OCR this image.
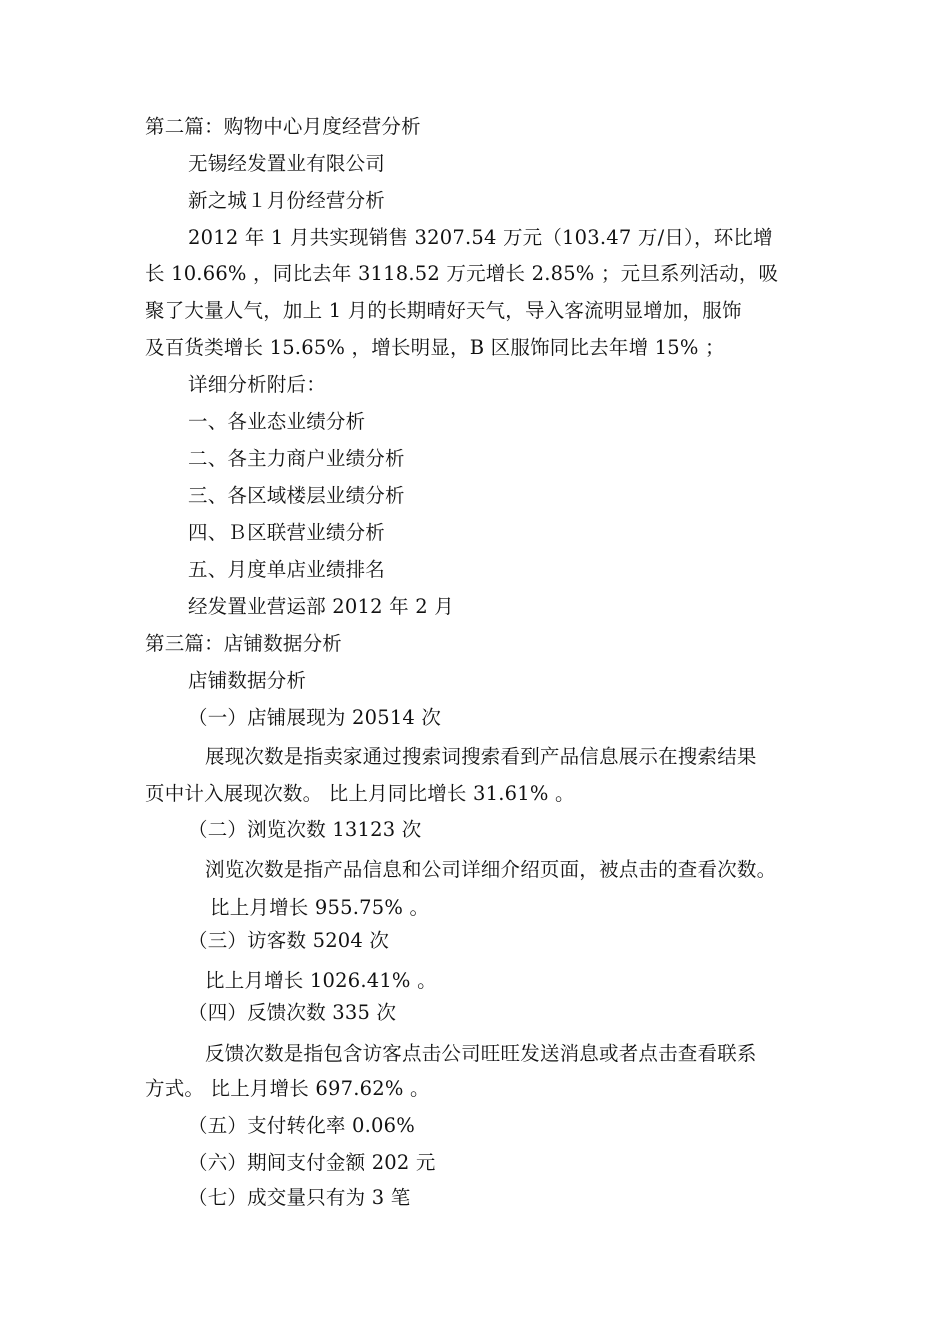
第二篇：购物中心月度经营分析
无锡经发置业有限公司
新之城１月份经营分析
2012 年 1 月共实现销售 3207.54 万元（103.47 万/日），环比增
长 10.66% ，同比去年 3118.52 万元增长 2.85% ；元旦系列活动，吸
聚了大量人气，加上 1 月的长期晴好天气，导入客流明显增加，服饰
及百货类增长 15.65% ，增长明显，B 区服饰同比去年增 15% ；
详细分析附后：
一、各业态业绩分析
二、各主力商户业绩分析
三、各区域楼层业绩分析
四、Ｂ区联营业绩分析
五、月度单店业绩排名
经发置业营运部 2012 年 2 月
第三篇：店铺数据分析
店铺数据分析
（一）店铺展现为 20514 次
展现次数是指卖家通过搜索词搜索看到产品信息展示在搜索结果
页中计入展现次数。 比上月同比增长 31.61% 。
（二）浏览次数 13123 次
浏览次数是指产品信息和公司详细介绍页面，被点击的查看次数。
比上月增长 955.75% 。
（三）访客数 5204 次
比上月增长 1026.41% 。
（四）反馈次数 335 次
反馈次数是指包含访客点击公司旺旺发送消息或者点击查看联系
方式。 比上月增长 697.62% 。
（五）支付转化率 0.06%
（六）期间支付金额 202 元
（七）成交量只有为 3 笔
